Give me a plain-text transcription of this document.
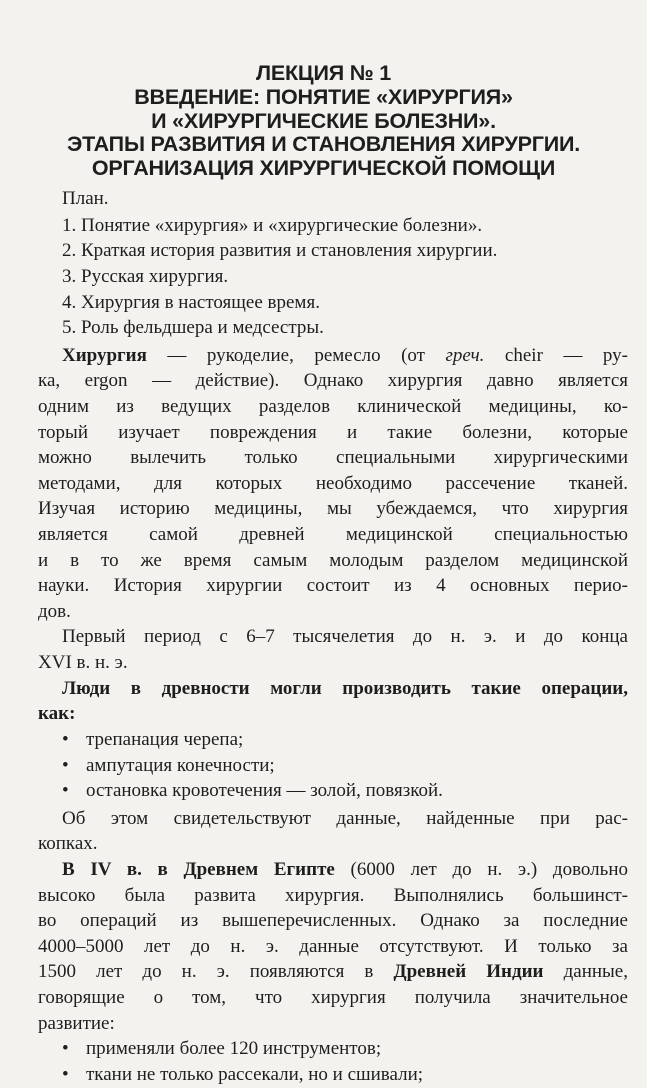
ЛЕКЦИЯ № 1
ВВЕДЕНИЕ: ПОНЯТИЕ «ХИРУРГИЯ»
И «ХИРУРГИЧЕСКИЕ БОЛЕЗНИ».
ЭТАПЫ РАЗВИТИЯ И СТАНОВЛЕНИЯ ХИРУРГИИ.
ОРГАНИЗАЦИЯ ХИРУРГИЧЕСКОЙ ПОМОЩИ
План.
1. Понятие «хирургия» и «хирургические болезни».
2. Краткая история развития и становления хирургии.
3. Русская хирургия.
4. Хирургия в настоящее время.
5. Роль фельдшера и медсестры.
Хирургия — рукоделие, ремесло (от греч. cheir — ру-
ка, ergon — действие). Однако хирургия давно является
одним из ведущих разделов клинической медицины, ко-
торый изучает повреждения и такие болезни, которые
можно вылечить только специальными хирургическими
методами, для которых необходимо рассечение тканей.
Изучая историю медицины, мы убеждаемся, что хирургия
является самой древней медицинской специальностью
и в то же время самым молодым разделом медицинской
науки. История хирургии состоит из 4 основных перио-
дов.
Первый период с 6–7 тысячелетия до н. э. и до конца
XVI в. н. э.
Люди в древности могли производить такие операции,
как:
• трепанация черепа;
• ампутация конечности;
• остановка кровотечения — золой, повязкой.
Об этом свидетельствуют данные, найденные при рас-
копках.
В IV в. в Древнем Египте (6000 лет до н. э.) довольно
высоко была развита хирургия. Выполнялись большинст-
во операций из вышеперечисленных. Однако за последние
4000–5000 лет до н. э. данные отсутствуют. И только за
1500 лет до н. э. появляются в Древней Индии данные,
говорящие о том, что хирургия получила значительное
развитие:
• применяли более 120 инструментов;
• ткани не только рассекали, но и сшивали;
